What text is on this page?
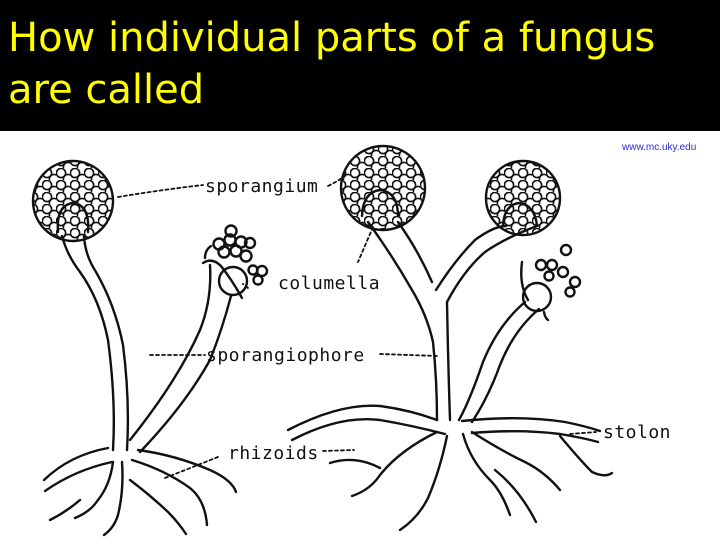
How individual parts of a fungus are called
www.mc.uky.edu
sporangium
columella
sporangiophore
stolon
rhizoids
